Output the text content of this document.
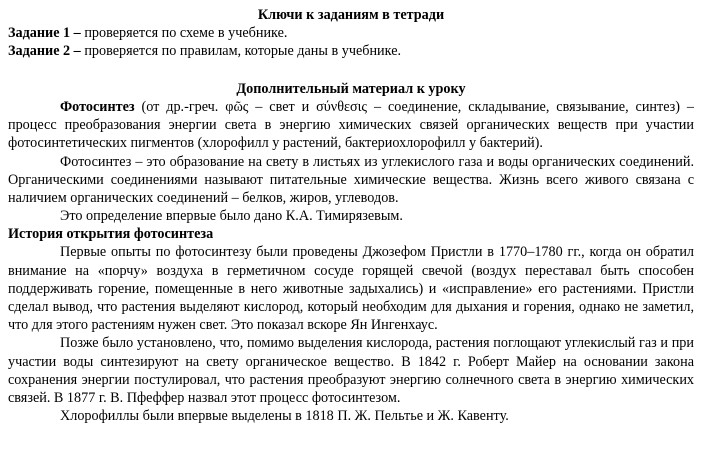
Ключи к заданиям в тетради

Задание 1 – проверяется по схеме в учебнике.

Задание 2 – проверяется по правилам, которые даны в учебнике.

Дополнительный материал к уроку

Фотосинтез (от др.-греч. φῶς – свет и σύνθεσις – соединение, складывание, связывание, синтез) – процесс преобразования энергии света в энергию химических связей органических веществ при участии фотосинтетических пигментов (хлорофилл у растений, бактериохлорофилл у бактерий).

Фотосинтез – это образование на свету в листьях из углекислого газа и воды органических соединений. Органическими соединениями называют питательные химические вещества. Жизнь всего живого связана с наличием органических соединений – белков, жиров, углеводов.

Это определение впервые было дано К.А. Тимирязевым.

История открытия фотосинтеза

Первые опыты по фотосинтезу были проведены Джозефом Пристли в 1770–1780 гг., когда он обратил внимание на «порчу» воздуха в герметичном сосуде горящей свечой (воздух переставал быть способен поддерживать горение, помещенные в него животные задыхались) и «исправление» его растениями. Пристли сделал вывод, что растения выделяют кислород, который необходим для дыхания и горения, однако не заметил, что для этого растениям нужен свет. Это показал вскоре Ян Ингенхаус.

Позже было установлено, что, помимо выделения кислорода, растения поглощают углекислый газ и при участии воды синтезируют на свету органическое вещество. В 1842 г. Роберт Майер на основании закона сохранения энергии постулировал, что растения преобразуют энергию солнечного света в энергию химических связей. В 1877 г. В. Пфеффер назвал этот процесс фотосинтезом.

Хлорофиллы были впервые выделены в 1818 П. Ж. Пельтье и Ж. Кавенту.
